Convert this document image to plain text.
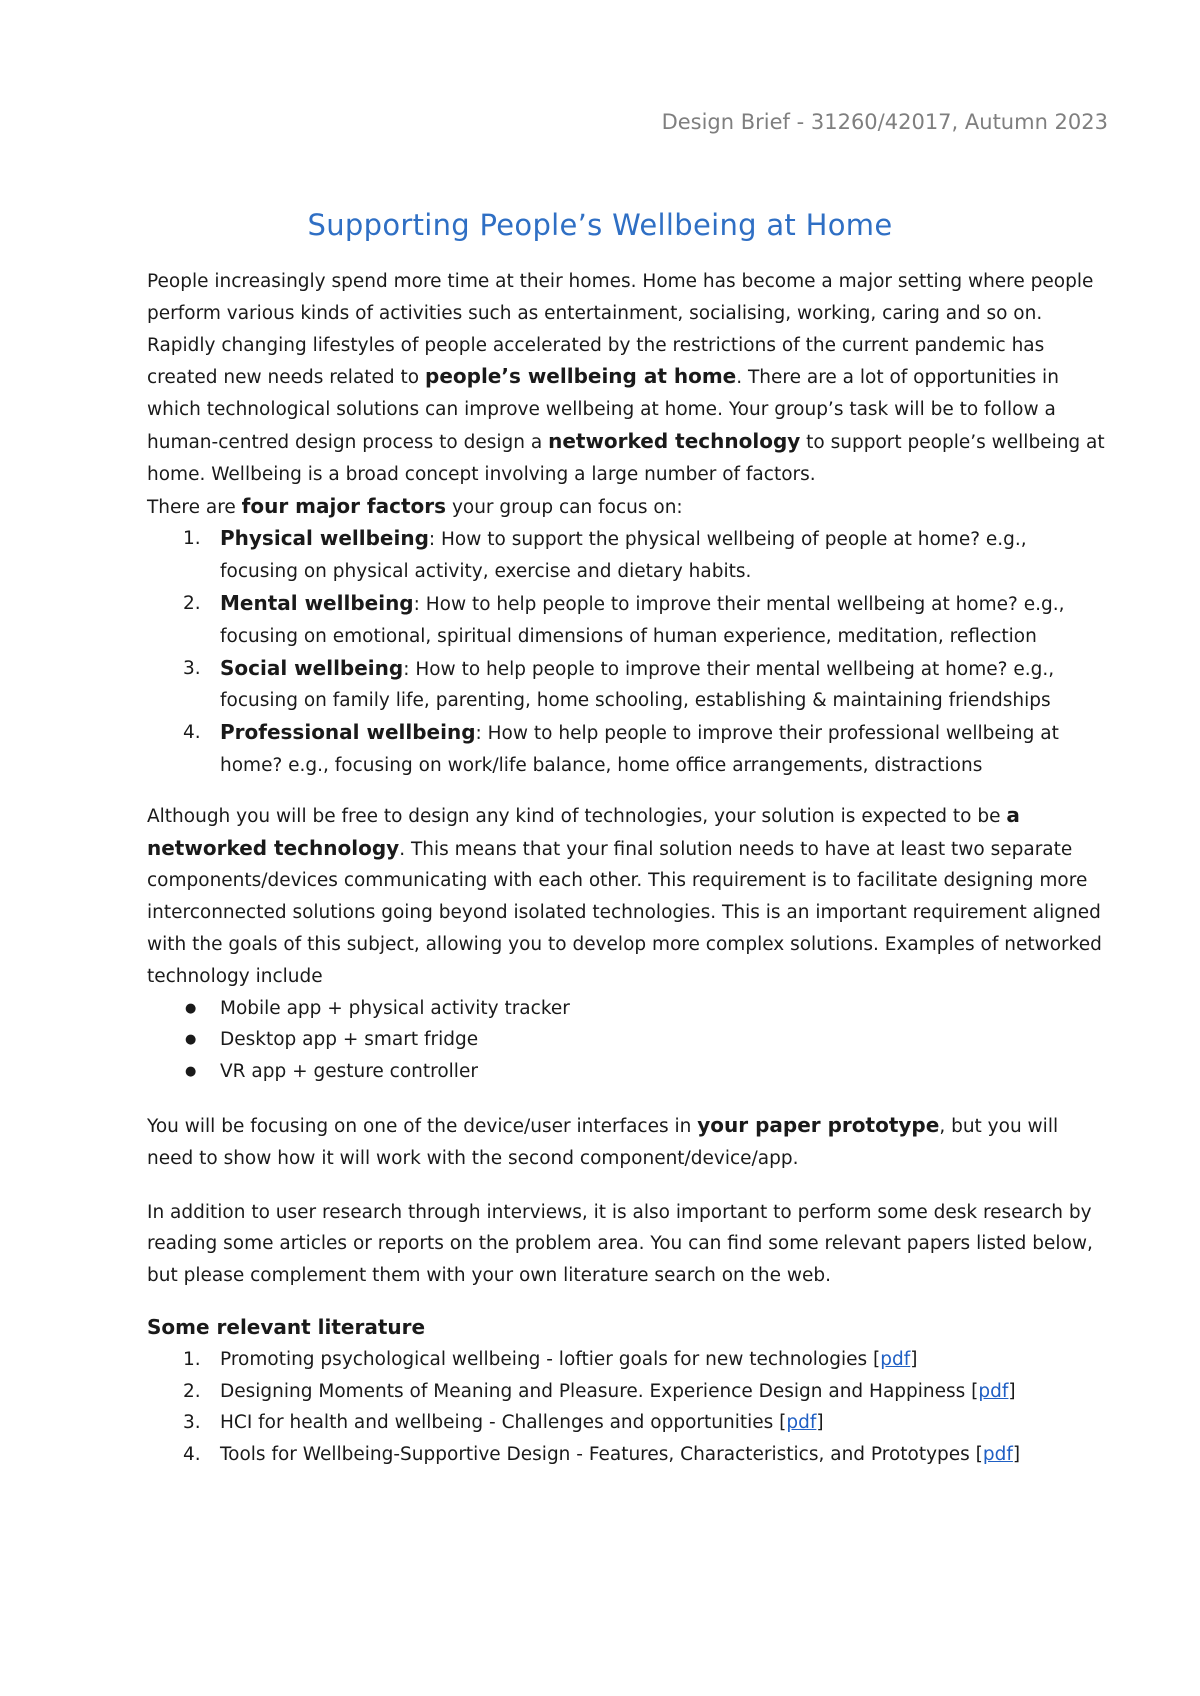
Design Brief - 31260/42017, Autumn 2023
Supporting People’s Wellbeing at Home

People increasingly spend more time at their homes. Home has become a major setting where people perform various kinds of activities such as entertainment, socialising, working, caring and so on. Rapidly changing lifestyles of people accelerated by the restrictions of the current pandemic has created new needs related to people’s wellbeing at home. There are a lot of opportunities in which technological solutions can improve wellbeing at home. Your group’s task will be to follow a human-centred design process to design a networked technology to support people’s wellbeing at home. Wellbeing is a broad concept involving a large number of factors.

There are four major factors your group can focus on:

1. Physical wellbeing: How to support the physical wellbeing of people at home? e.g., focusing on physical activity, exercise and dietary habits.
2. Mental wellbeing: How to help people to improve their mental wellbeing at home? e.g., focusing on emotional, spiritual dimensions of human experience, meditation, reflection
3. Social wellbeing: How to help people to improve their mental wellbeing at home? e.g., focusing on family life, parenting, home schooling, establishing & maintaining friendships
4. Professional wellbeing: How to help people to improve their professional wellbeing at home? e.g., focusing on work/life balance, home office arrangements, distractions

Although you will be free to design any kind of technologies, your solution is expected to be a networked technology. This means that your final solution needs to have at least two separate components/devices communicating with each other. This requirement is to facilitate designing more interconnected solutions going beyond isolated technologies. This is an important requirement aligned with the goals of this subject, allowing you to develop more complex solutions. Examples of networked technology include

● Mobile app + physical activity tracker
● Desktop app + smart fridge
● VR app + gesture controller

You will be focusing on one of the device/user interfaces in your paper prototype, but you will need to show how it will work with the second component/device/app.

In addition to user research through interviews, it is also important to perform some desk research by reading some articles or reports on the problem area. You can find some relevant papers listed below, but please complement them with your own literature search on the web.

Some relevant literature

1. Promoting psychological wellbeing - loftier goals for new technologies [pdf]
2. Designing Moments of Meaning and Pleasure. Experience Design and Happiness [pdf]
3. HCI for health and wellbeing - Challenges and opportunities [pdf]
4. Tools for Wellbeing-Supportive Design - Features, Characteristics, and Prototypes [pdf]
